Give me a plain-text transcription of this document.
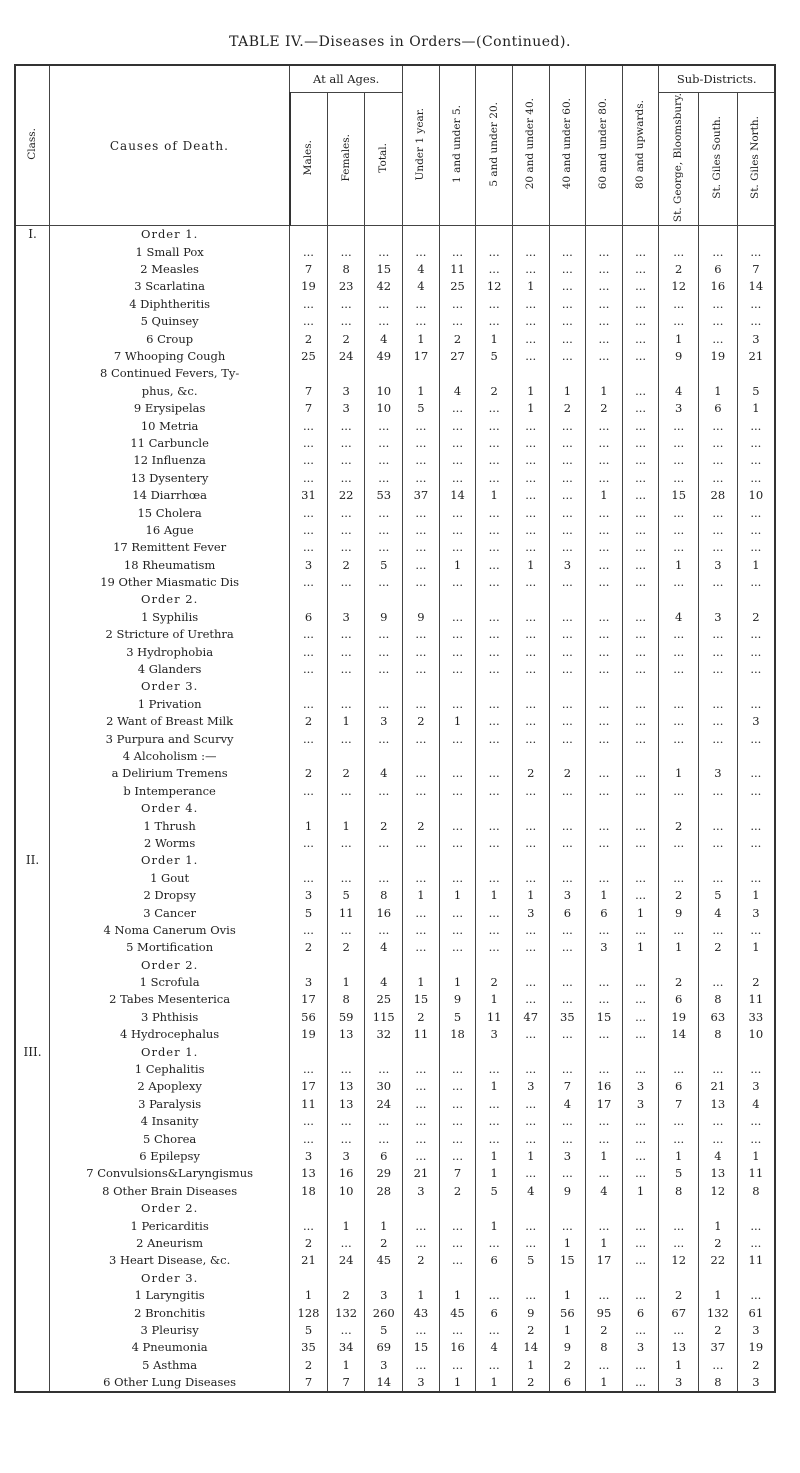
TABLE IV.—Diseases in Orders—(Continued).
Class.	Causes of Death.	At all Ages.			Under 1 year.	1 and under 5.	5 and under 20.	20 and under 40.	40 and under 60.	60 and under 80.	80 and upwards.	Sub-Districts.		
		Males.	Females.	Total.								St. George, Bloomsbury.	St. Giles South.	St. Giles North.
I.	Order 1.													
	1 Small Pox	...	...	...	...	...	...	...	...	...	...	...	...	...
	2 Measles	7	8	15	4	11	...	...	...	...	...	2	6	7
	3 Scarlatina	19	23	42	4	25	12	1	...	...	...	12	16	14
	4 Diphtheritis	...	...	...	...	...	...	...	...	...	...	...	...	...
	5 Quinsey	...	...	...	...	...	...	...	...	...	...	...	...	...
	6 Croup	2	2	4	1	2	1	...	...	...	...	1	...	3
	7 Whooping Cough	25	24	49	17	27	5	...	...	...	...	9	19	21
	8 Continued Fevers, Ty-													
	phus, &c.	7	3	10	1	4	2	1	1	1	...	4	1	5
	9 Erysipelas	7	3	10	5	...	...	1	2	2	...	3	6	1
	10 Metria	...	...	...	...	...	...	...	...	...	...	...	...	...
	11 Carbuncle	...	...	...	...	...	...	...	...	...	...	...	...	...
	12 Influenza	...	...	...	...	...	...	...	...	...	...	...	...	...
	13 Dysentery	...	...	...	...	...	...	...	...	...	...	...	...	...
	14 Diarrhœa	31	22	53	37	14	1	...	...	1	...	15	28	10
	15 Cholera	...	...	...	...	...	...	...	...	...	...	...	...	...
	16 Ague	...	...	...	...	...	...	...	...	...	...	...	...	...
	17 Remittent Fever	...	...	...	...	...	...	...	...	...	...	...	...	...
	18 Rheumatism	3	2	5	...	1	...	1	3	...	...	1	3	1
	19 Other Miasmatic Dis	...	...	...	...	...	...	...	...	...	...	...	...	...
	Order 2.													
	1 Syphilis	6	3	9	9	...	...	...	...	...	...	4	3	2
	2 Stricture of Urethra	...	...	...	...	...	...	...	...	...	...	...	...	...
	3 Hydrophobia	...	...	...	...	...	...	...	...	...	...	...	...	...
	4 Glanders	...	...	...	...	...	...	...	...	...	...	...	...	...
	Order 3.													
	1 Privation	...	...	...	...	...	...	...	...	...	...	...	...	...
	2 Want of Breast Milk	2	1	3	2	1	...	...	...	...	...	...	...	3
	3 Purpura and Scurvy	...	...	...	...	...	...	...	...	...	...	...	...	...
	4 Alcoholism :—													
	a Delirium Tremens	2	2	4	...	...	...	2	2	...	...	1	3	...
	b Intemperance	...	...	...	...	...	...	...	...	...	...	...	...	...
	Order 4.													
	1 Thrush	1	1	2	2	...	...	...	...	...	...	2	...	...
	2 Worms	...	...	...	...	...	...	...	...	...	...	...	...	...
II.	Order 1.													
	1 Gout	...	...	...	...	...	...	...	...	...	...	...	...	...
	2 Dropsy	3	5	8	1	1	1	1	3	1	...	2	5	1
	3 Cancer	5	11	16	...	...	...	3	6	6	1	9	4	3
	4 Noma Canerum Ovis	...	...	...	...	...	...	...	...	...	...	...	...	...
	5 Mortification	2	2	4	...	...	...	...	...	3	1	1	2	1
	Order 2.													
	1 Scrofula	3	1	4	1	1	2	...	...	...	...	2	...	2
	2 Tabes Mesenterica	17	8	25	15	9	1	...	...	...	...	6	8	11
	3 Phthisis	56	59	115	2	5	11	47	35	15	...	19	63	33
	4 Hydrocephalus	19	13	32	11	18	3	...	...	...	...	14	8	10
III.	Order 1.													
	1 Cephalitis	...	...	...	...	...	...	...	...	...	...	...	...	...
	2 Apoplexy	17	13	30	...	...	1	3	7	16	3	6	21	3
	3 Paralysis	11	13	24	...	...	...	...	4	17	3	7	13	4
	4 Insanity	...	...	...	...	...	...	...	...	...	...	...	...	...
	5 Chorea	...	...	...	...	...	...	...	...	...	...	...	...	...
	6 Epilepsy	3	3	6	...	...	1	1	3	1	...	1	4	1
	7 Convulsions&Laryngismus	13	16	29	21	7	1	...	...	...	...	5	13	11
	8 Other Brain Diseases	18	10	28	3	2	5	4	9	4	1	8	12	8
	Order 2.													
	1 Pericarditis	...	1	1	...	...	1	...	...	...	...	...	1	...
	2 Aneurism	2	...	2	...	...	...	...	1	1	...	...	2	...
	3 Heart Disease, &c.	21	24	45	2	...	6	5	15	17	...	12	22	11
	Order 3.													
	1 Laryngitis	1	2	3	1	1	...	...	1	...	...	2	1	...
	2 Bronchitis	128	132	260	43	45	6	9	56	95	6	67	132	61
	3 Pleurisy	5	...	5	...	...	...	2	1	2	...	...	2	3
	4 Pneumonia	35	34	69	15	16	4	14	9	8	3	13	37	19
	5 Asthma	2	1	3	...	...	...	1	2	...	...	1	...	2
	6 Other Lung Diseases	7	7	14	3	1	1	2	6	1	...	3	8	3
